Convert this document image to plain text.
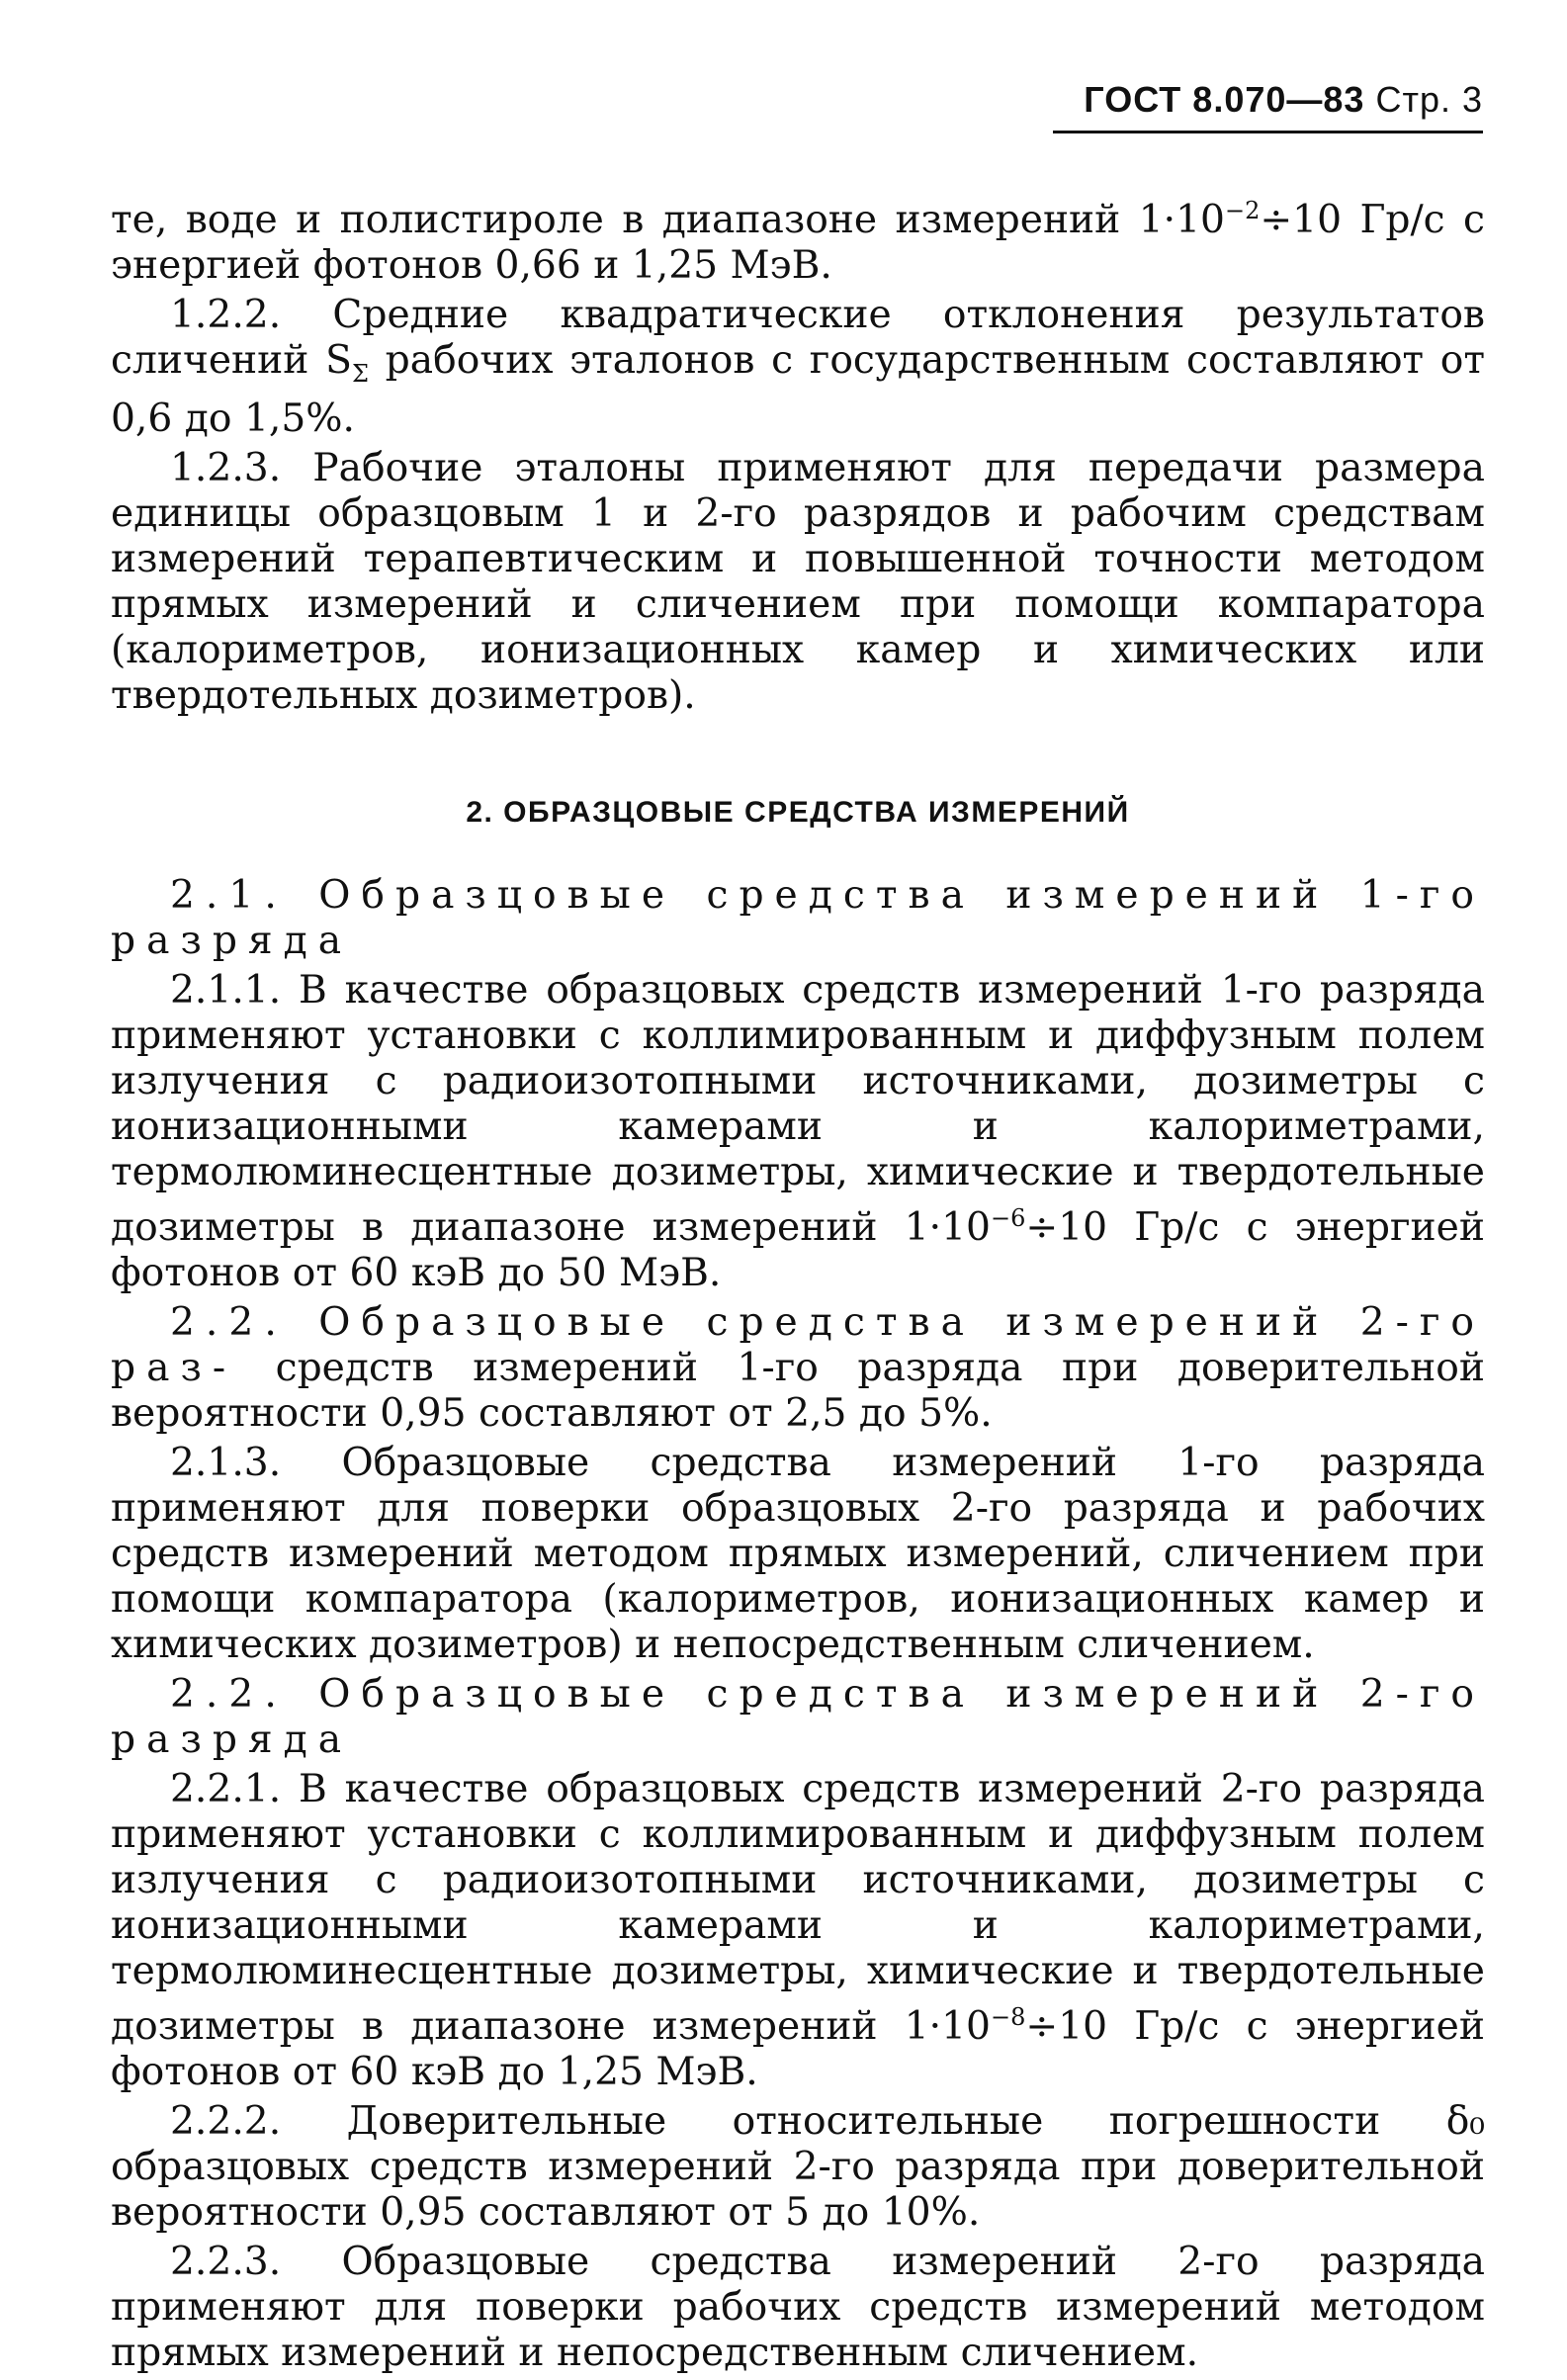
ГОСТ 8.070—83 Стр. 3

те, воде и полистироле в диапазоне измерений $1\cdot 10^{-2}\div 10$ Гр/с с энергией фотонов 0,66 и 1,25 МэВ.

1.2.2. Средние квадратические отклонения результатов сличений $S_\Sigma$ рабочих эталонов с государственным составляют от 0,6 до 1,5%.

1.2.3. Рабочие эталоны применяют для передачи размера единицы образцовым 1 и 2-го разрядов и рабочим средствам измерений терапевтическим и повышенной точности методом прямых измерений и сличением при помощи компаратора (калориметров, ионизационных камер и химических или твердотельных дозиметров).

2. ОБРАЗЦОВЫЕ СРЕДСТВА ИЗМЕРЕНИЙ

2.1. Образцовые средства измерений 1-го разряда

2.1.1. В качестве образцовых средств измерений 1-го разряда применяют установки с коллимированным и диффузным полем излучения с радиоизотопными источниками, дозиметры с ионизационными камерами и калориметрами, термолюминесцентные дозиметры, химические и твердотельные дозиметры в диапазоне измерений $1\cdot 10^{-6}\div 10$ Гр/с с энергией фотонов от 60 кэВ до 50 МэВ.

2.2. Образцовые средства измерений 2-го раз- средств измерений 1-го разряда при доверительной вероятности 0,95 составляют от 2,5 до 5%.

2.1.3. Образцовые средства измерений 1-го разряда применяют для поверки образцовых 2-го разряда и рабочих средств измерений методом прямых измерений, сличением при помощи компаратора (калориметров, ионизационных камер и химических дозиметров) и непосредственным сличением.

2.2. Образцовые средства измерений 2-го разряда

2.2.1. В качестве образцовых средств измерений 2-го разряда применяют установки с коллимированным и диффузным полем излучения с радиоизотопными источниками, дозиметры с ионизационными камерами и калориметрами, термолюминесцентные дозиметры, химические и твердотельные дозиметры в диапазоне измерений $1\cdot 10^{-8}\div 10$ Гр/с с энергией фотонов от 60 кэВ до 1,25 МэВ.

2.2.2. Доверительные относительные погрешности δ₀ образцовых средств измерений 2-го разряда при доверительной вероятности 0,95 составляют от 5 до 10%.

2.2.3. Образцовые средства измерений 2-го разряда применяют для поверки рабочих средств измерений методом прямых измерений и непосредственным сличением.
